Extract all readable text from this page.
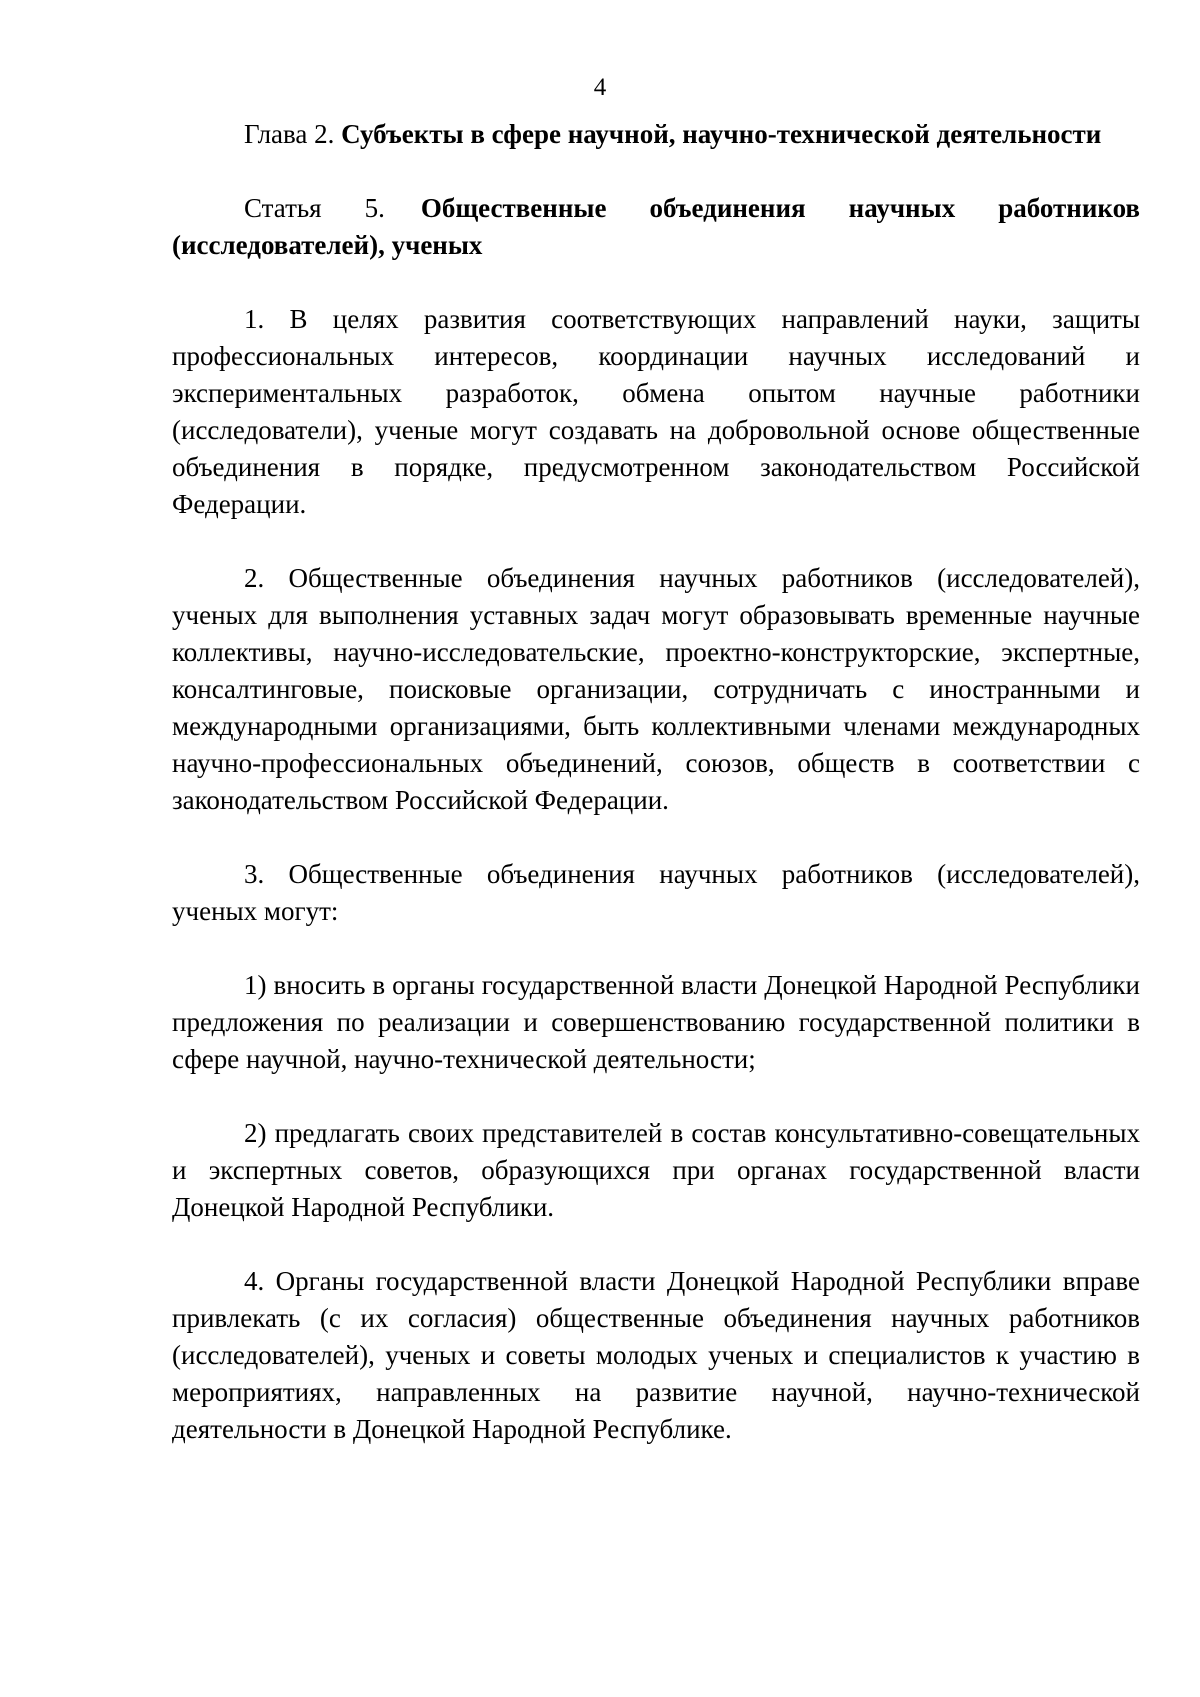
4
Глава 2. Субъекты в сфере научной, научно-технической деятельности
Статья 5. Общественные объединения научных работников (исследователей), ученых

1. В целях развития соответствующих направлений науки, защиты профессиональных интересов, координации научных исследований и экспериментальных разработок, обмена опытом научные работники (исследователи), ученые могут создавать на добровольной основе общественные объединения в порядке, предусмотренном законодательством Российской Федерации.

2. Общественные объединения научных работников (исследователей), ученых для выполнения уставных задач могут образовывать временные научные коллективы, научно-исследовательские, проектно-конструкторские, экспертные, консалтинговые, поисковые организации, сотрудничать с иностранными и международными организациями, быть коллективными членами международных научно-профессиональных объединений, союзов, обществ в соответствии с законодательством Российской Федерации.

3. Общественные объединения научных работников (исследователей), ученых могут:

1) вносить в органы государственной власти Донецкой Народной Республики предложения по реализации и совершенствованию государственной политики в сфере научной, научно-технической деятельности;

2) предлагать своих представителей в состав консультативно-совещательных и экспертных советов, образующихся при органах государственной власти Донецкой Народной Республики.

4. Органы государственной власти Донецкой Народной Республики вправе привлекать (с их согласия) общественные объединения научных работников (исследователей), ученых и советы молодых ученых и специалистов к участию в мероприятиях, направленных на развитие научной, научно-технической деятельности в Донецкой Народной Республике.
